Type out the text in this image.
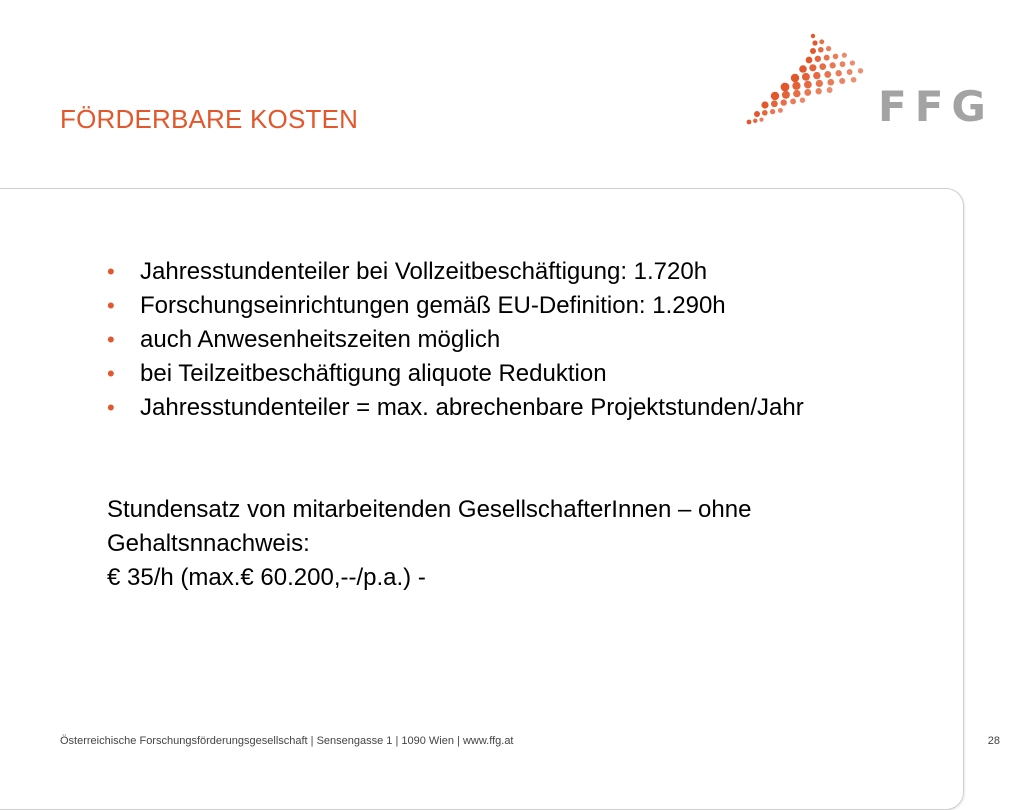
FÖRDERBARE KOSTEN	FFG
• Jahresstundenteiler bei Vollzeitbeschäftigung: 1.720h
• Forschungseinrichtungen gemäß EU-Definition: 1.290h
• auch Anwesenheitszeiten möglich
• bei Teilzeitbeschäftigung aliquote Reduktion
• Jahresstundenteiler = max. abrechenbare Projektstunden/Jahr

Stundensatz von mitarbeitenden GesellschafterInnen – ohne Gehaltsnnachweis:

€ 35/h (max.€ 60.200,--/p.a.) -

Österreichische Forschungsförderungsgesellschaft | Sensengasse 1 | 1090 Wien | www.ffg.at	28
